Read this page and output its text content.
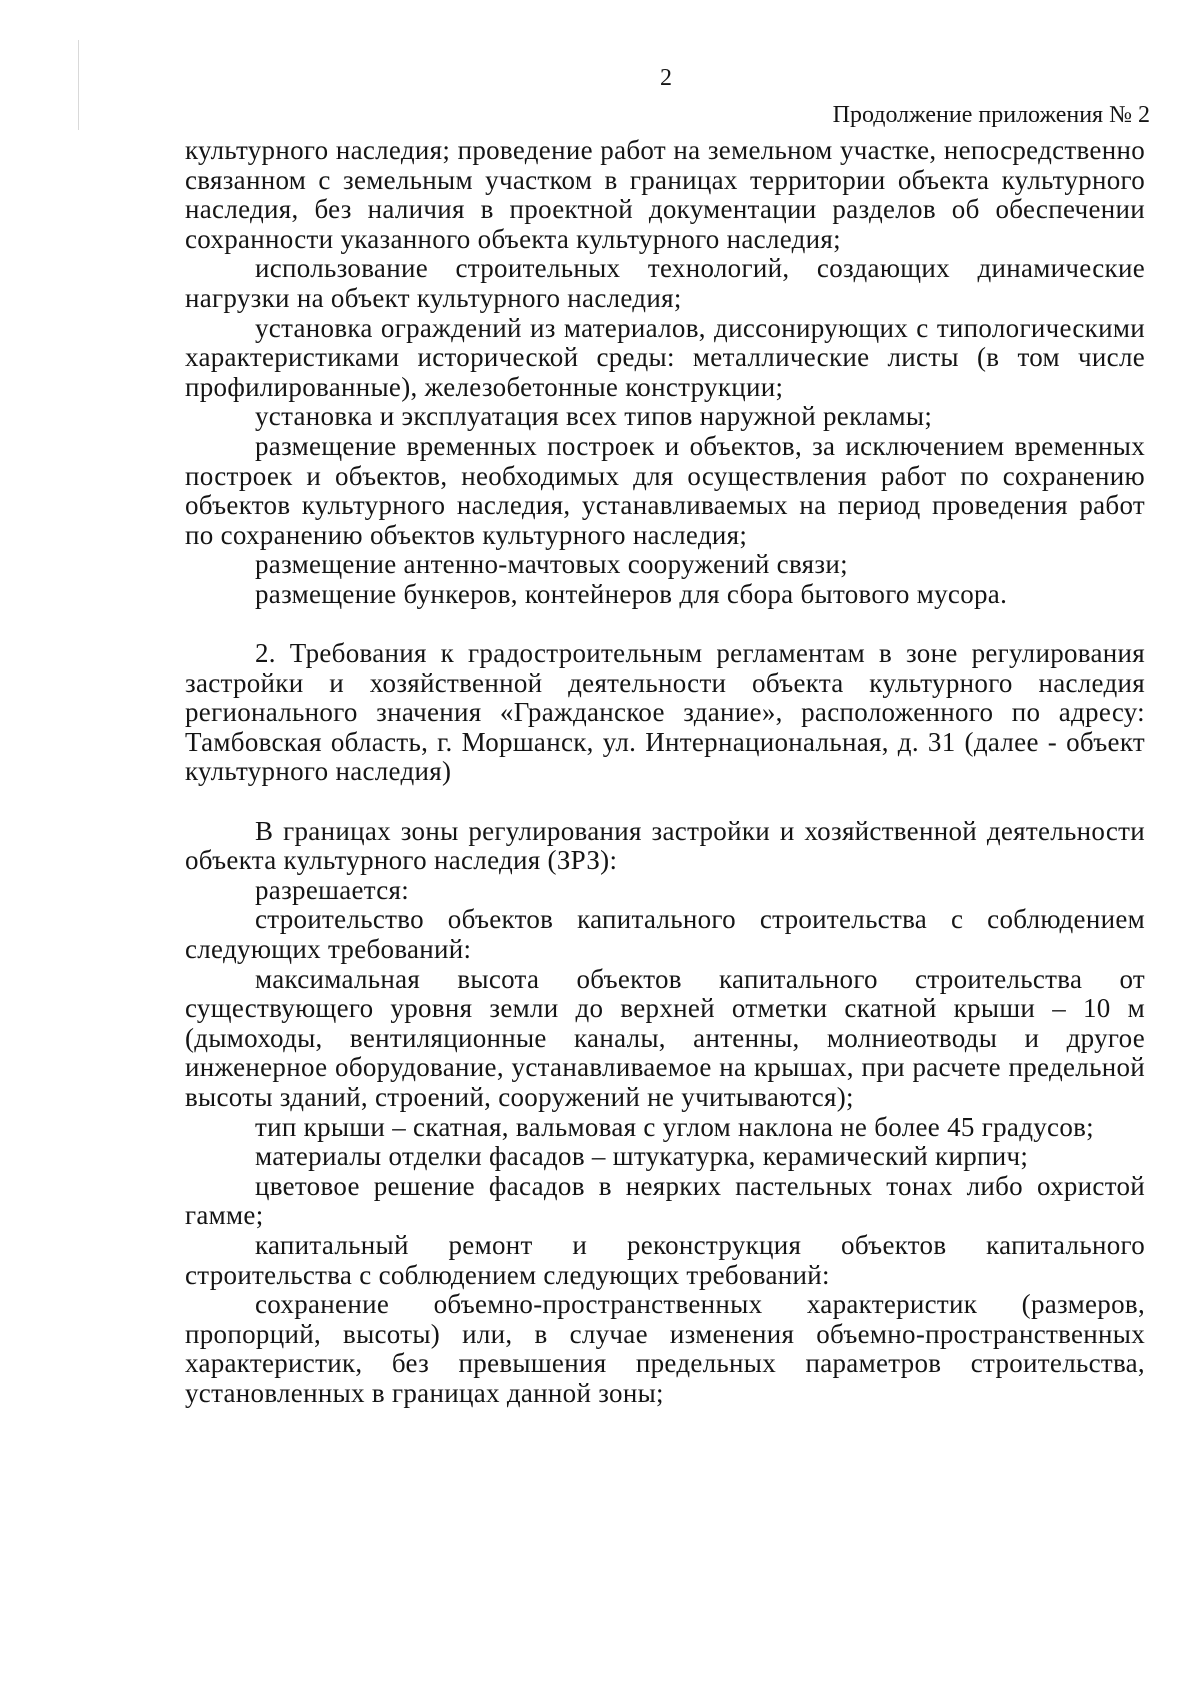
2
Продолжение приложения № 2

культурного наследия; проведение работ на земельном участке, непосредственно связанном с земельным участком в границах территории объекта культурного наследия, без наличия в проектной документации разделов об обеспечении сохранности указанного объекта культурного наследия;

использование строительных технологий, создающих динамические нагрузки на объект культурного наследия;

установка ограждений из материалов, диссонирующих с типологическими характеристиками исторической среды: металлические листы (в том числе профилированные), железобетонные конструкции;

установка и эксплуатация всех типов наружной рекламы;

размещение временных построек и объектов, за исключением временных построек и объектов, необходимых для осуществления работ по сохранению объектов культурного наследия, устанавливаемых на период проведения работ по сохранению объектов культурного наследия;

размещение антенно-мачтовых сооружений связи;

размещение бункеров, контейнеров для сбора бытового мусора.

2. Требования к градостроительным регламентам в зоне регулирования застройки и хозяйственной деятельности объекта культурного наследия регионального значения «Гражданское здание», расположенного по адресу: Тамбовская область, г. Моршанск, ул. Интернациональная, д. 31 (далее - объект культурного наследия)

В границах зоны регулирования застройки и хозяйственной деятельности объекта культурного наследия (ЗРЗ):

разрешается:

строительство объектов капитального строительства с соблюдением следующих требований:

максимальная высота объектов капитального строительства от существующего уровня земли до верхней отметки скатной крыши – 10 м (дымоходы, вентиляционные каналы, антенны, молниеотводы и другое инженерное оборудование, устанавливаемое на крышах, при расчете предельной высоты зданий, строений, сооружений не учитываются);

тип крыши – скатная, вальмовая с углом наклона не более 45 градусов;

материалы отделки фасадов – штукатурка, керамический кирпич;

цветовое решение фасадов в неярких пастельных тонах либо охристой гамме;

капитальный ремонт и реконструкция объектов капитального строительства с соблюдением следующих требований:

сохранение объемно-пространственных характеристик (размеров, пропорций, высоты) или, в случае изменения объемно-пространственных характеристик, без превышения предельных параметров строительства, установленных в границах данной зоны;
